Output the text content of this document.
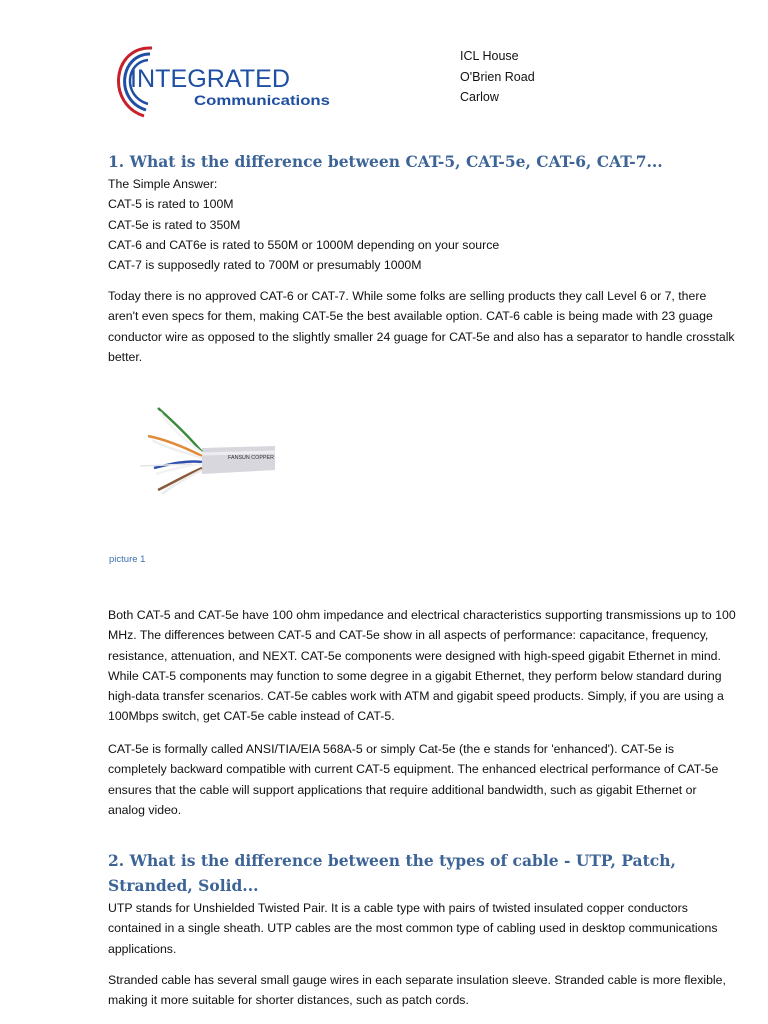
INTEGRATED
Communications
ICL House
O'Brien Road
Carlow
1. What is the difference between CAT-5, CAT-5e, CAT-6, CAT-7...

The Simple Answer:

CAT-5 is rated to 100M

CAT-5e is rated to 350M

CAT-6 and CAT6e is rated to 550M or 1000M depending on your source

CAT-7 is supposedly rated to 700M or presumably 1000M

Today there is no approved CAT-6 or CAT-7. While some folks are selling products they call Level 6 or 7, there aren't even specs for them, making CAT-5e the best available option. CAT-6 cable is being made with 23 guage conductor wire as opposed to the slightly smaller 24 guage for CAT-5e and also has a separator to handle crosstalk better.

FANSUN COPPER
picture 1

Both CAT-5 and CAT-5e have 100 ohm impedance and electrical characteristics supporting transmissions up to 100 MHz. The differences between CAT-5 and CAT-5e show in all aspects of performance: capacitance, frequency, resistance, attenuation, and NEXT. CAT-5e components were designed with high-speed gigabit Ethernet in mind. While CAT-5 components may function to some degree in a gigabit Ethernet, they perform below standard during high-data transfer scenarios. CAT-5e cables work with ATM and gigabit speed products. Simply, if you are using a 100Mbps switch, get CAT-5e cable instead of CAT-5.

CAT-5e is formally called ANSI/TIA/EIA 568A-5 or simply Cat-5e (the e stands for 'enhanced'). CAT-5e is completely backward compatible with current CAT-5 equipment. The enhanced electrical performance of CAT-5e ensures that the cable will support applications that require additional bandwidth, such as gigabit Ethernet or analog video.

2. What is the difference between the types of cable - UTP, Patch, Stranded, Solid...

UTP stands for Unshielded Twisted Pair. It is a cable type with pairs of twisted insulated copper conductors contained in a single sheath. UTP cables are the most common type of cabling used in desktop communications applications.

Stranded cable has several small gauge wires in each separate insulation sleeve. Stranded cable is more flexible, making it more suitable for shorter distances, such as patch cords.
